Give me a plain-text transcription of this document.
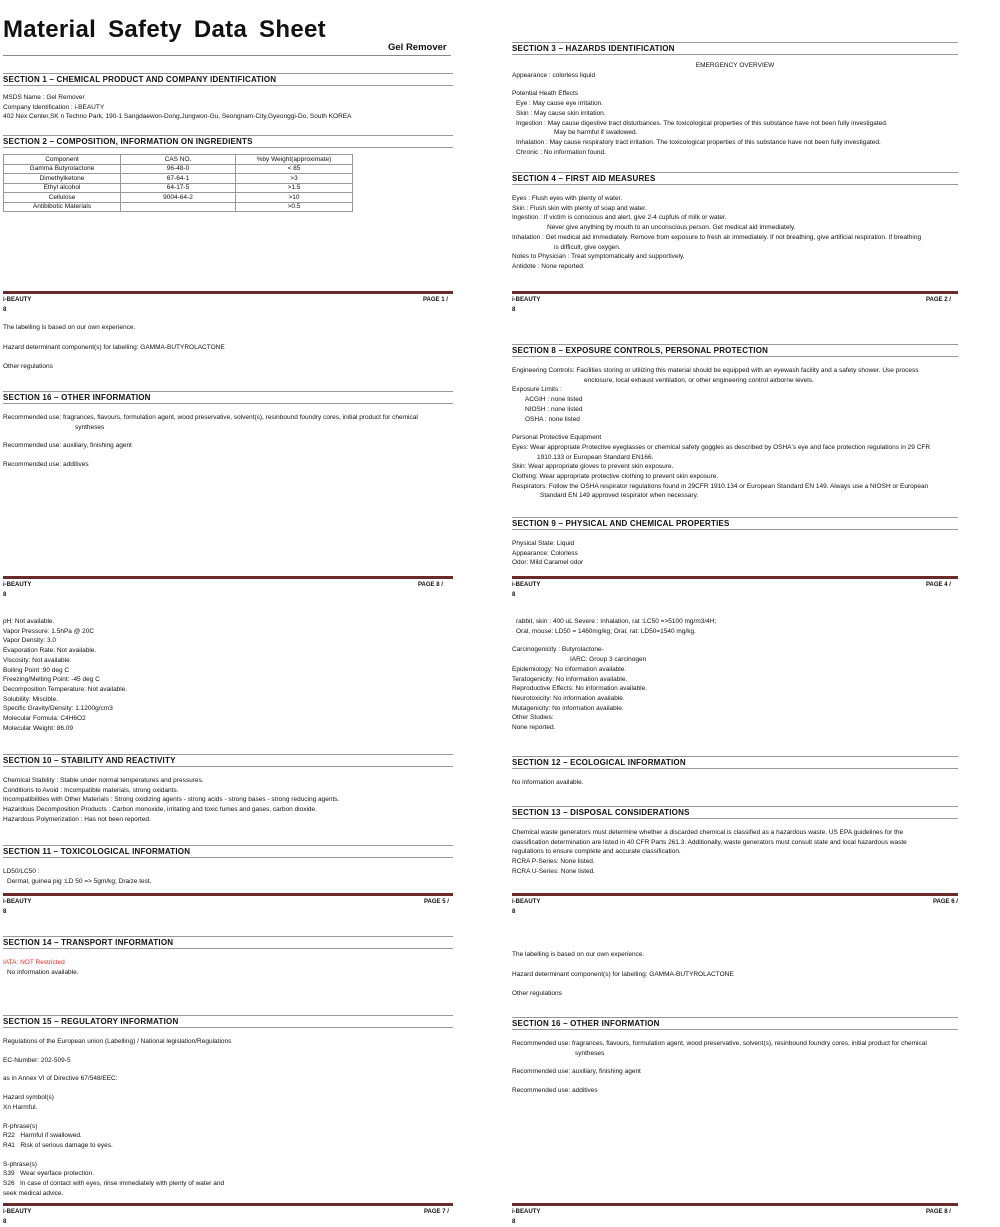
Material Safety Data Sheet
Gel Remover
SECTION 1 – CHEMICAL PRODUCT AND COMPANY IDENTIFICATION

MSDS Name : Gel Remover

Company Identification : i-BEAUTY

402 Nex Center,SK n Techno Park, 190-1 Sangdaewon-Dong,Jungwon-Gu, Seongnam-City,Gyeonggi-Do, South KOREA

SECTION 2 – COMPOSITION, INFORMATION ON INGREDIENTS
Component	CAS NO.	%by Weight(approximate)
Gamma Butyrolactone	96-48-0	< 85
Dimethylketone	67-64-1	>3
Ethyl alcohol	64-17-5	>1.5
Cellulose	9004-64-2	>10
Antibibotic Materials		>0.5
i-BEAUTY	PAGE 1 /
8
SECTION 3 – HAZARDS IDENTIFICATION

EMERGENCY OVERVIEW

Appearance : colorless liquid

Potential Heath Effects

Eye : May cause eye irritation.

Skin : May cause skin irritation.

Ingestion : May cause digestive tract disturbances. The toxicological properties of this substance have not been fully investigated.

May be harmful if swallowed.

Inhalation : May cause respiratory tract irritation. The toxicological properties of this substance have not been fully investigated.

Chronic : No information found.

SECTION 4 – FIRST AID MEASURES

Eyes : Flush eyes with plenty of water.

Skin : Flush skin with plenty of soap and water.

Ingestion : If victim is conscious and alert, give 2-4 cupfuls of milk or water.

Never give anything by mouth to an unconscious person. Get medical aid immediately.

Inhalation : Get medical aid immediately. Remove from exposure to fresh air immediately. If not breathing, give artificial respiration. If breathing

is difficult, give oxygen.

Notes to Physician : Treat symptomatically and supportively.

Antidote : None reported.

i-BEAUTY	PAGE 2 /
8

The labelling is based on our own experience.

Hazard determinant component(s) for labelling: GAMMA-BUTYROLACTONE

Other regulations

SECTION 16 – OTHER INFORMATION

Recommended use: fragrances, flavours, formulation agent, wood preservative, solvent(s), resinbound foundry cores, initial product for chemical

syntheses

Recommended use: auxiliary, finishing agent

Recommended use: additives

i-BEAUTY	PAGE 8 /
8
SECTION 8 – EXPOSURE CONTROLS, PERSONAL PROTECTION

Engineering Controls: Facilities storing or utilizing this material should be equipped with an eyewash facility and a safety shower. Use process

enclosure, local exhaust ventilation, or other engineering control airborne levels.

Exposure Limits :

ACGIH : none listed

NIOSH : none listed

OSHA : none listed

Personal Protective Equipment

Eyes: Wear appropriate Protective eyeglasses or chemical safety goggles as described by OSHA's eye and face protection regulations in 29 CFR

1910.133 or European Standard EN166.

Skin: Wear appropriate gloves to prevent skin exposure.

Clothing: Wear appropriate protective clothing to prevent skin exposure.

Respirators: Follow the OSHA respirator regulations found in 29CFR 1910.134 or European Standard EN 149. Always use a NIOSH or European

Standard EN 149 approved respirator when necessary.

SECTION 9 – PHYSICAL AND CHEMICAL PROPERTIES

Physical State: Liquid

Appearance: Colorless

Odor: Mild Caramel odor

i-BEAUTY	PAGE 4 /
8

pH: Not available.

Vapor Pressure: 1.5hPa @ 20C

Vapor Density: 3.0

Evaporation Rate: Not available.

Viscosity: Not available.

Boiling Point :90 deg C

Freezing/Melting Point: -45 deg C

Decomposition Temperature: Not available.

Solubility: Miscible.

Specific Gravity/Density: 1.1200g/cm3

Molecular Formula: C4H6O2

Molecular Weight: 86.09

SECTION 10 – STABILITY AND REACTIVITY

Chemical Stability : Stable under normal temperatures and pressures.

Conditions to Avoid : Incompatible materials, strong oxidants.

Incompatibilities with Other Materials : Strong oxidizing agents - strong acids - strong bases - strong reducing agents.

Hazardous Decomposition Products : Carbon monoxide, irritating and toxic fumes and gases, carbon dioxide.

Hazardous Polymerization : Has not been reported.

SECTION 11 – TOXICOLOGICAL INFORMATION

LD50/LC50 :

Dermal, guinea pig :LD 50 => 5gm/kg; Draize test,

i-BEAUTY	PAGE 5 /
8

rabbit, skin : 400 uL Severe : Inhalation, rat :LC50 =>5100 mg/m3/4H;

Oral, mouse: LD50 = 1460mg/kg; Oral, rat: LD50=1540 mg/kg.

Carcinogenicity : Butyrolactone-

IARC: Group 3 carcinogen

Epidemiology: No information available.

Teratogenicity: No information available.

Reproductive Effects: No information available.

Neurotoxicity: No information available.

Mutagenicity: No information available.

Other Studies:

None reported.

SECTION 12 – ECOLOGICAL INFORMATION

No information available.

SECTION 13 – DISPOSAL CONSIDERATIONS

Chemical waste generators must determine whether a discarded chemical is classified as a hazardous waste. US EPA guidelines for the

classification determination are listed in 40 CFR Parts 261.3. Additionally, waste generators must consult state and local hazardous waste

regulations to ensure complete and accurate classification.

RCRA P-Series: None listed.

RCRA U-Series: None listed.

i-BEAUTY	PAGE 6 /
8
SECTION 14 – TRANSPORT INFORMATION

IATA: NOT Restricted

No information available.

SECTION 15 – REGULATORY INFORMATION

Regulations of the European union (Labelling) / National legislation/Regulations

EC-Number: 202-509-5

as in Annex VI of Directive 67/548/EEC:

Hazard symbol(s)

Xn Harmful.

R-phrase(s)

R22   Harmful if swallowed.

R41   Risk of serious damage to eyes.

S-phrase(s)

S39   Wear eye/face protection.

S26   In case of contact with eyes, rinse immediately with plenty of water and

seek medical advice.

i-BEAUTY	PAGE 7 /
8

The labelling is based on our own experience.

Hazard determinant component(s) for labelling: GAMMA-BUTYROLACTONE

Other regulations

SECTION 16 – OTHER INFORMATION

Recommended use: fragrances, flavours, formulation agent, wood preservative, solvent(s), resinbound foundry cores, initial product for chemical

syntheses

Recommended use: auxiliary, finishing agent

Recommended use: additives

i-BEAUTY	PAGE 8 /
8
